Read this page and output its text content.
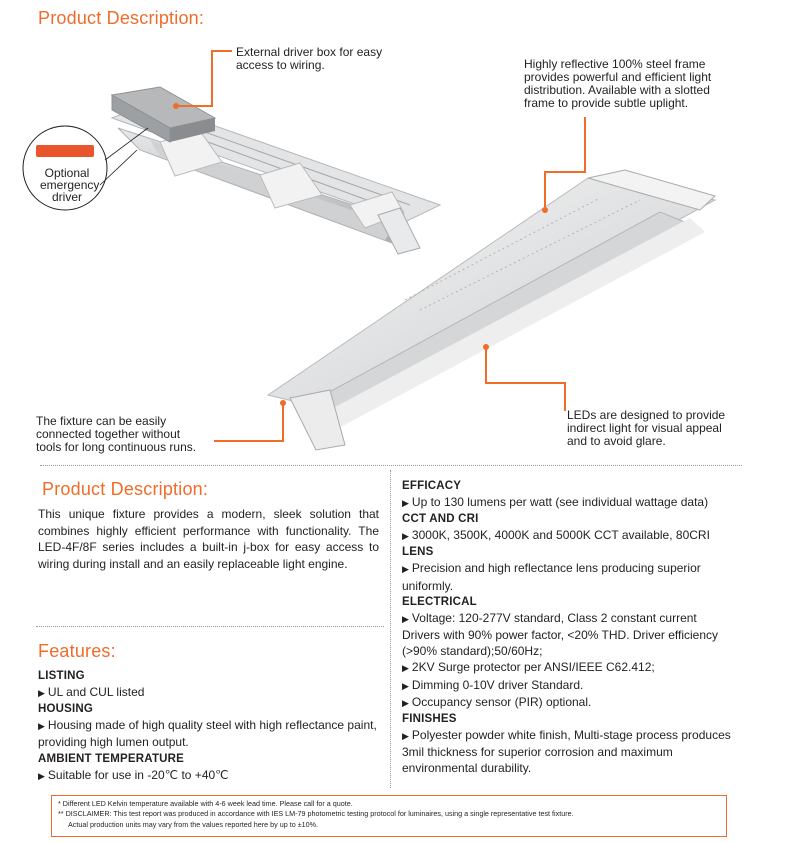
Product Description:
External driver box for easy
access to wiring.
Optional
emergency
driver
Highly reflective 100% steel frame
provides powerful and efficient light
distribution. Available with a slotted
frame to provide subtle uplight.
LEDs are designed to provide
indirect light for visual appeal
and to avoid glare.
The fixture can be easily
connected together without
tools for long continuous runs.
Product Description:
This unique fixture provides a modern, sleek solution that combines highly efficient performance with functionality. The LED-4F/8F series includes a built-in j-box for easy access to wiring during install and an easily replaceable light engine.
Features:
LISTING
▶ UL and CUL listed
HOUSING
▶ Housing made of high quality steel with high reflectance paint, providing high lumen output.
AMBIENT TEMPERATURE
▶ Suitable for use in -20℃ to +40℃
EFFICACY
▶ Up to 130 lumens per watt (see individual wattage data)
CCT AND CRI
▶ 3000K, 3500K, 4000K and 5000K CCT available, 80CRI
LENS
▶ Precision and high reflectance lens producing superior uniformly.
ELECTRICAL
▶ Voltage: 120-277V standard, Class 2 constant current Drivers with 90% power factor, <20% THD. Driver efficiency (>90% standard);50/60Hz;
▶ 2KV Surge protector per ANSI/IEEE C62.412;
▶ Dimming 0-10V driver Standard.
▶ Occupancy sensor (PIR) optional.
FINISHES
▶ Polyester powder white finish, Multi-stage process produces 3mil thickness for superior corrosion and maximum environmental durability.
* Different LED Kelvin temperature available with 4-6 week lead time. Please call for a quote.
** DISCLAIMER: This test report was produced in accordance with IES LM-79 photometric testing protocol for luminaires, using a single representative test fixture.
Actual production units may vary from the values reported here by up to ±10%.
